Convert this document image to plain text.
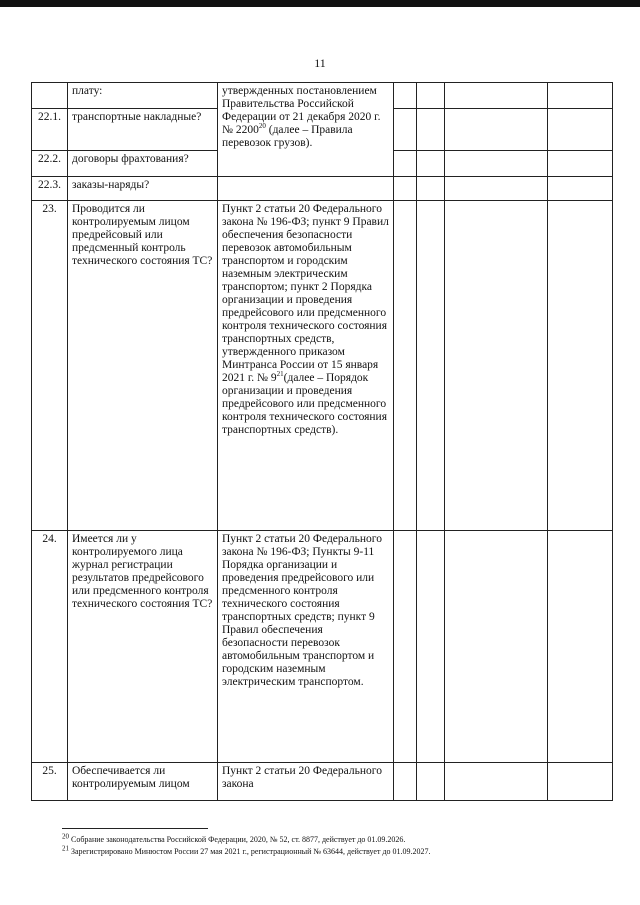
11
	плату:	утвержденных постановлением Правительства Российской Федерации от 21 декабря 2020 г. № 2200$^{20}$ (далее – Правила перевозок грузов).				
22.1.	транспортные накладные?					
22.2.	договоры фрахтования?					
22.3.	заказы-наряды?					
23.	Проводится ли контролируемым лицом предрейсовый или предсменный контроль технического состояния ТС?	Пункт 2 статьи 20 Федерального закона № 196-ФЗ; пункт 9 Правил обеспечения безопасности перевозок автомобильным транспортом и городским наземным электрическим транспортом; пункт 2 Порядка организации и проведения предрейсового или предсменного контроля технического состояния транспортных средств, утвержденного приказом Минтранса России от 15 января 2021 г. № $9^{21}(далее$ – Порядок организации и проведения предрейсового или предсменного контроля технического состояния транспортных средств).				
24.	Имеется ли у контролируемого лица журнал регистрации результатов предрейсового или предсменного контроля технического состояния ТС?	Пункт 2 статьи 20 Федерального закона № 196-ФЗ; Пункты 9-11 Порядка организации и проведения предрейсового или предсменного контроля технического состояния транспортных средств; пункт 9 Правил обеспечения безопасности перевозок автомобильным транспортом и городским наземным электрическим транспортом.				
25.	Обеспечивается ли контролируемым лицом	Пункт 2 статьи 20 Федерального закона				
$^{20}$ Собрание законодательства Российской Федерации, 2020, № 52, ст. 8877, действует до 01.09.2026.
$^{21}$ Зарегистрировано Минюстом России 27 мая 2021 г., регистрационный № 63644, действует до 01.09.2027.
